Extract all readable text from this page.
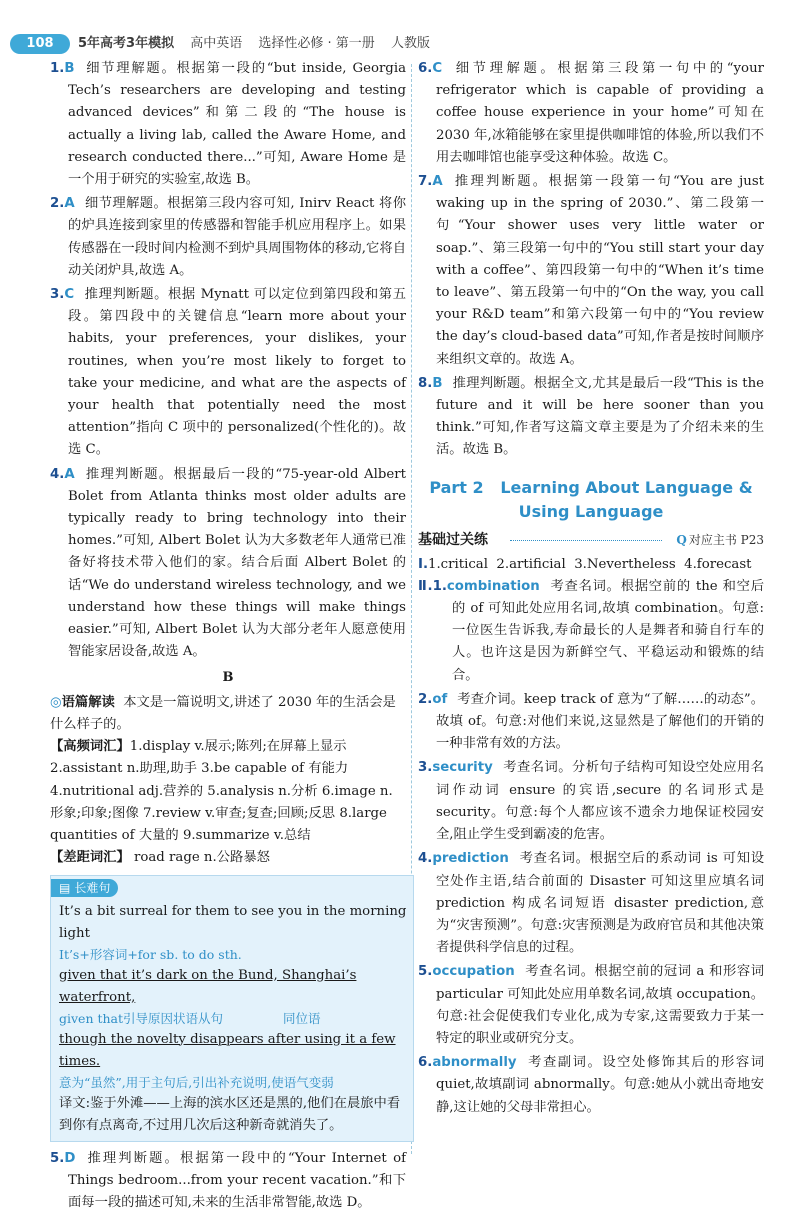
108	5年高考3年模拟 高中英语 选择性必修 · 第一册 人教版

1.B 细节理解题。根据第一段的“but inside, Georgia Tech’s researchers are developing and testing advanced devices”和第二段的“The house is actually a living lab, called the Aware Home, and research conducted there...”可知, Aware Home 是一个用于研究的实验室,故选 B。

2.A 细节理解题。根据第三段内容可知, Inirv React 将你的炉具连接到家里的传感器和智能手机应用程序上。如果传感器在一段时间内检测不到炉具周围物体的移动,它将自动关闭炉具,故选 A。

3.C 推理判断题。根据 Mynatt 可以定位到第四段和第五段。第四段中的关键信息“learn more about your habits, your preferences, your dislikes, your routines, when you’re most likely to forget to take your medicine, and what are the aspects of your health that potentially need the most attention”指向 C 项中的 personalized(个性化的)。故选 C。

4.A 推理判断题。根据最后一段的“75-year-old Albert Bolet from Atlanta thinks most older adults are typically ready to bring technology into their homes.”可知, Albert Bolet 认为大多数老年人通常已准备好将技术带入他们的家。结合后面 Albert Bolet 的话“We do understand wireless technology, and we understand how these things will make things easier.”可知, Albert Bolet 认为大部分老年人愿意使用智能家居设备,故选 A。

B

◎语篇解读 本文是一篇说明文,讲述了 2030 年的生活会是什么样子的。

【高频词汇】1.display v.展示;陈列;在屏幕上显示 2.assistant n.助理,助手 3.be capable of 有能力 4.nutritional adj.营养的 5.analysis n.分析 6.image n.形象;印象;图像 7.review v.审查;复查;回顾;反思 8.large quantities of 大量的 9.summarize v.总结

【差距词汇】 road rage n.公路暴怒

▤ 长难句

It’s a bit surreal for them to see you in the morning light

It’s+形容词+for sb. to do sth.

given that it’s dark on the Bund, Shanghai’s waterfront,

given that引导原因状语从句	同位语

though the novelty disappears after using it a few times.

意为“虽然”,用于主句后,引出补充说明,使语气变弱

译文:鉴于外滩——上海的滨水区还是黑的,他们在晨旅中看到你有点离奇,不过用几次后这种新奇就消失了。

5.D 推理判断题。根据第一段中的“Your Internet of Things bedroom...from your recent vacation.”和下面每一段的描述可知,未来的生活非常智能,故选 D。

6.C 细节理解题。根据第三段第一句中的“your refrigerator which is capable of providing a coffee house experience in your home”可知在 2030 年,冰箱能够在家里提供咖啡馆的体验,所以我们不用去咖啡馆也能享受这种体验。故选 C。

7.A 推理判断题。根据第一段第一句“You are just waking up in the spring of 2030.”、第二段第一句“Your shower uses very little water or soap.”、第三段第一句中的“You still start your day with a coffee”、第四段第一句中的“When it’s time to leave”、第五段第一句中的“On the way, you call your R&D team”和第六段第一句中的“You review the day’s cloud-based data”可知,作者是按时间顺序来组织文章的。故选 A。

8.B 推理判断题。根据全文,尤其是最后一段“This is the future and it will be here sooner than you think.”可知,作者写这篇文章主要是为了介绍未来的生活。故选 B。

Part 2   Learning About Language &
Using Language
基础过关练	Q 对应主书 P23

Ⅰ.1.critical  2.artificial  3.Nevertheless  4.forecast

Ⅱ.1.combination 考查名词。根据空前的 the 和空后的 of 可知此处应用名词,故填 combination。句意:一位医生告诉我,寿命最长的人是舞者和骑自行车的人。也许这是因为新鲜空气、平稳运动和锻炼的结合。

2.of 考查介词。keep track of 意为“了解……的动态”。故填 of。句意:对他们来说,这显然是了解他们的开销的一种非常有效的方法。

3.security 考查名词。分析句子结构可知设空处应用名词作动词 ensure 的宾语,secure 的名词形式是 security。句意:每个人都应该不遗余力地保证校园安全,阻止学生受到霸凌的危害。

4.prediction 考查名词。根据空后的系动词 is 可知设空处作主语,结合前面的 Disaster 可知这里应填名词 prediction 构成名词短语 disaster prediction,意为“灾害预测”。句意:灾害预测是为政府官员和其他决策者提供科学信息的过程。

5.occupation 考查名词。根据空前的冠词 a 和形容词 particular 可知此处应用单数名词,故填 occupation。句意:社会促使我们专业化,成为专家,这需要致力于某一特定的职业或研究分支。

6.abnormally 考查副词。设空处修饰其后的形容词 quiet,故填副词 abnormally。句意:她从小就出奇地安静,这让她的父母非常担心。
